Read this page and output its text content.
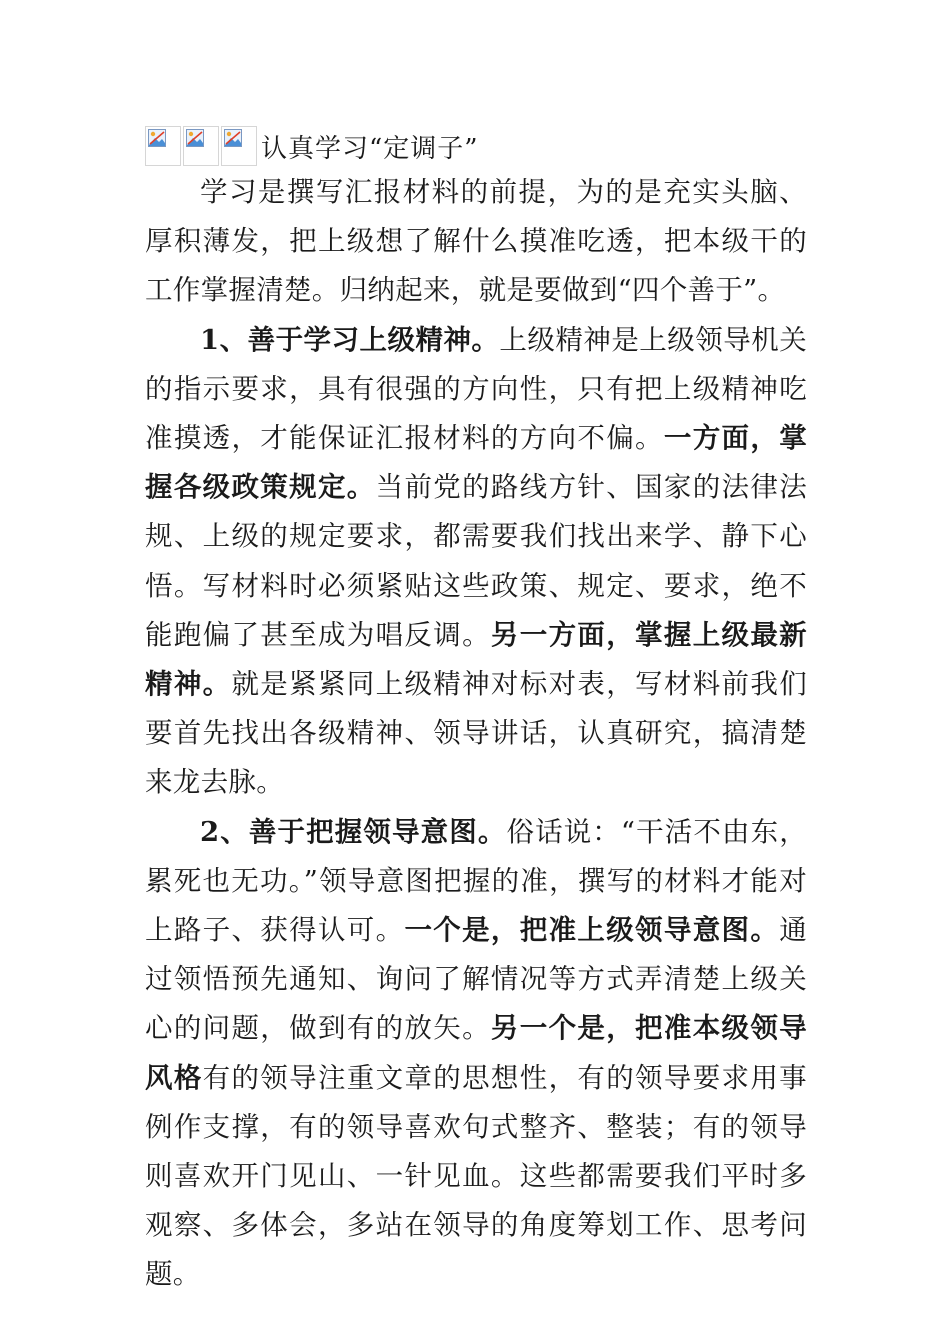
认真学习“定调子”

学习是撰写汇报材料的前提，为的是充实头脑、厚积薄发，把上级想了解什么摸准吃透，把本级干的工作掌握清楚。归纳起来，就是要做到“四个善于”。

1、善于学习上级精神。上级精神是上级领导机关的指示要求，具有很强的方向性，只有把上级精神吃准摸透，才能保证汇报材料的方向不偏。一方面，掌握各级政策规定。当前党的路线方针、国家的法律法规、上级的规定要求，都需要我们找出来学、静下心悟。写材料时必须紧贴这些政策、规定、要求，绝不能跑偏了甚至成为唱反调。另一方面，掌握上级最新精神。就是紧紧同上级精神对标对表，写材料前我们要首先找出各级精神、领导讲话，认真研究，搞清楚来龙去脉。

2、善于把握领导意图。俗话说：“干活不由东，累死也无功。”领导意图把握的准，撰写的材料才能对上路子、获得认可。一个是，把准上级领导意图。通过领悟预先通知、询问了解情况等方式弄清楚上级关心的问题，做到有的放矢。另一个是，把准本级领导风格有的领导注重文章的思想性，有的领导要求用事例作支撑，有的领导喜欢句式整齐、整装；有的领导则喜欢开门见山、一针见血。这些都需要我们平时多观察、多体会，多站在领导的角度筹划工作、思考问题。
